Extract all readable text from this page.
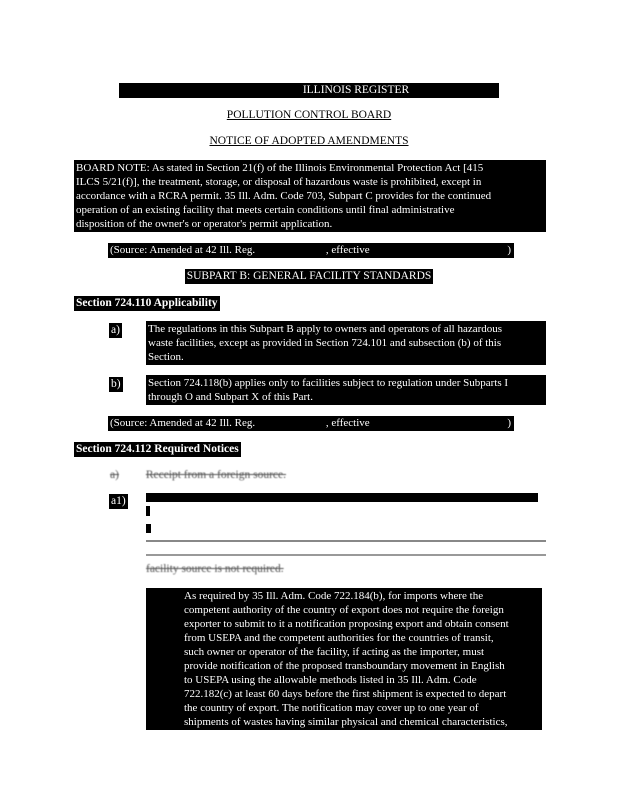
ILLINOIS REGISTER
POLLUTION CONTROL BOARD
NOTICE OF ADOPTED AMENDMENTS
BOARD NOTE: As stated in Section 21(f) of the Illinois Environmental Protection Act [415
ILCS 5/21(f)], the treatment, storage, or disposal of hazardous waste is prohibited, except in
accordance with a RCRA permit. 35 Ill. Adm. Code 703, Subpart C provides for the continued
operation of an existing facility that meets certain conditions until final administrative
disposition of the owner's or operator's permit application.
(Source: Amended at 42 Ill. Reg.	, effective	)
SUBPART B: GENERAL FACILITY STANDARDS
Section 724.110 Applicability
a)	The regulations in this Subpart B apply to owners and operators of all hazardous
waste facilities, except as provided in Section 724.101 and subsection (b) of this
Section.
b) Section 724.118(b) applies only to facilities subject to regulation under Subparts I
through O and Subpart X of this Part.
(Source: Amended at 42 Ill. Reg.	, effective	)
Section 724.112 Required Notices
a) Receipt from a foreign source.
a1)
facility source is not required.
As required by 35 Ill. Adm. Code 722.184(b), for imports where the
competent authority of the country of export does not require the foreign
exporter to submit to it a notification proposing export and obtain consent
from USEPA and the competent authorities for the countries of transit,
such owner or operator of the facility, if acting as the importer, must
provide notification of the proposed transboundary movement in English
to USEPA using the allowable methods listed in 35 Ill. Adm. Code
722.182(c) at least 60 days before the first shipment is expected to depart
the country of export. The notification may cover up to one year of
shipments of wastes having similar physical and chemical characteristics,
